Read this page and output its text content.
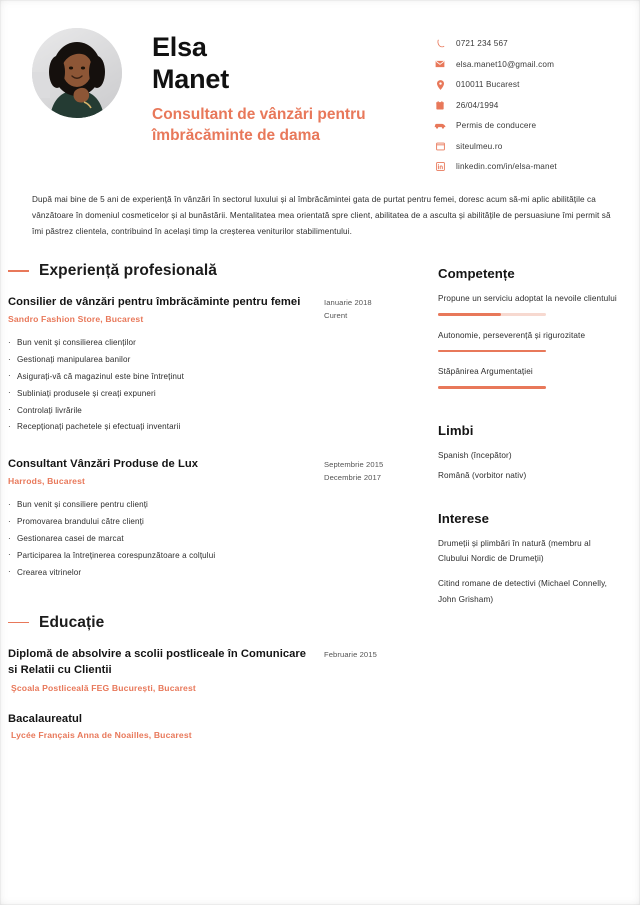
Elsa
Manet
Consultant de vânzări pentru
îmbrăcăminte de dama
0721 234 567
elsa.manet10@gmail.com
010011 Bucarest
26/04/1994
Permis de conducere
siteulmeu.ro
linkedin.com/in/elsa-manet
După mai bine de 5 ani de experiență în vânzări în sectorul luxului și al îmbrăcămintei gata de purtat pentru femei, doresc acum să-mi aplic abilitățile ca vânzătoare în domeniul cosmeticelor și al bunăstării. Mentalitatea mea orientată spre client, abilitatea de a asculta și abilitățile de persuasiune îmi permit să îmi păstrez clientela, contribuind în același timp la creșterea veniturilor stabilimentului.
Experiență profesională
Consilier de vânzări pentru îmbrăcăminte pentru femei
Sandro Fashion Store, Bucarest
Ianuarie 2018
Curent
· Bun venit și consilierea clienților
· Gestionați manipularea banilor
· Asigurați-vă că magazinul este bine întreținut
· Subliniați produsele și creați expuneri
· Controlați livrările
· Recepționați pachetele și efectuați inventarii
Consultant Vânzări Produse de Lux
Harrods, Bucarest
Septembrie 2015
Decembrie 2017
· Bun venit și consiliere pentru clienți
· Promovarea brandului către clienți
· Gestionarea casei de marcat
· Participarea la întreținerea corespunzătoare a colțului
· Crearea vitrinelor
Educație
Diplomă de absolvire a scolii postliceale în Comunicare si Relatii cu Clientii
Şcoala Postliceală FEG București, Bucarest
Februarie 2015
Bacalaureatul
Lycée Français Anna de Noailles, Bucarest
Competențe
Propune un serviciu adoptat la nevoile clientului
Autonomie, perseverență și rigurozitate
Stăpânirea Argumentației
Limbi
Spanish (începător)
Română (vorbitor nativ)
Interese
Drumeții și plimbări în natură (membru al Clubului Nordic de Drumeții)
Citind romane de detectivi (Michael Connelly, John Grisham)
